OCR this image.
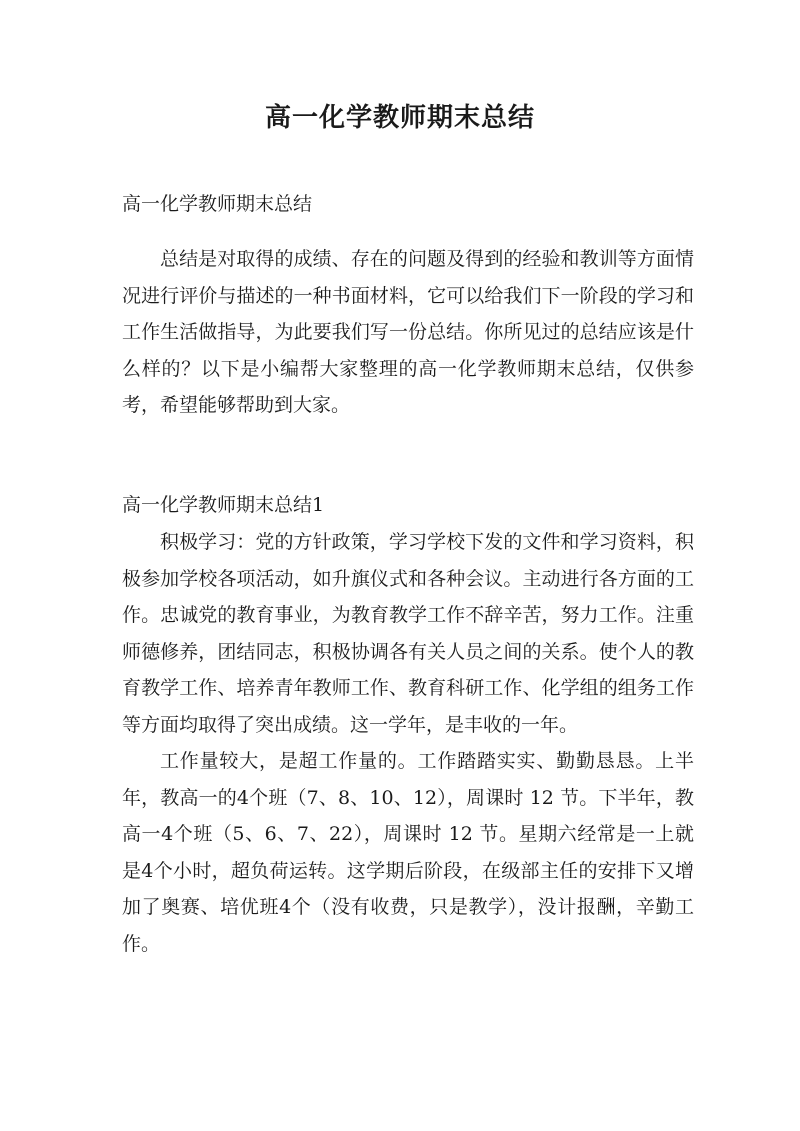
高一化学教师期末总结
高一化学教师期末总结

总结是对取得的成绩、存在的问题及得到的经验和教训等方面情况进行评价与描述的一种书面材料，它可以给我们下一阶段的学习和工作生活做指导，为此要我们写一份总结。你所见过的总结应该是什么样的？以下是小编帮大家整理的高一化学教师期末总结，仅供参考，希望能够帮助到大家。

高一化学教师期末总结1

积极学习：党的方针政策，学习学校下发的文件和学习资料，积极参加学校各项活动，如升旗仪式和各种会议。主动进行各方面的工作。忠诚党的教育事业，为教育教学工作不辞辛苦，努力工作。注重师德修养，团结同志，积极协调各有关人员之间的关系。使个人的教育教学工作、培养青年教师工作、教育科研工作、化学组的组务工作等方面均取得了突出成绩。这一学年，是丰收的一年。

工作量较大，是超工作量的。工作踏踏实实、勤勤恳恳。上半年，教高一的4个班（7、8、10、12），周课时 12 节。下半年，教高一4个班（5、6、7、22），周课时 12 节。星期六经常是一上就是4个小时，超负荷运转。这学期后阶段，在级部主任的安排下又增加了奥赛、培优班4个（没有收费，只是教学），没计报酬，辛勤工作。
